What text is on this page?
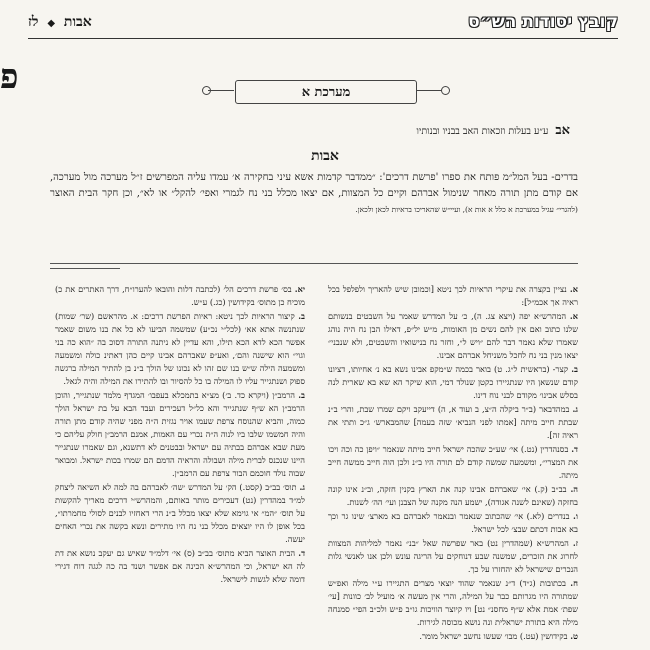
קובץ יסודות הש״ס
אבות ◆ לז
פ	מערכת א
אב ע״ע בעלות וזכאות האב בבניו ובנותיו
אבות
בדרים- בעל המל״מ פותח את ספרו 'פרשת דרכים': ״ממדבר קדמות אשא עיני בחקירה א׳ עמדו עליה המפרשים ז״ל מערכה מול מערכה, אם קודם מתן תורה מאחר שנימול אברהם וקיים כל המצוות, אם יצאו מכלל בני נח לגמרי ואפי׳ להקל״ או לא״, וכן חקר הבית האוצר (להגרי״ עגיל במערכת א כלל א אות א), ועיי״ש שהאריכו בראיות לכאן ולכאן.

א. נציין בקצרה את עיקרי הראיות לכך ניטא [וכמובן שיש להאריך ולפלפל בכל ראיה אך אכמ״ל]:

א. המהרש״א יפה (ויצא צג. ה), כ׳ על המדרש שאמר על השבטים בנשותם שלנו כתוב ואם אין להם נשים מן האומות, מ״ש יל״פ, דאילו הבן נח היה נוהג שאמרו שלא נאמר דבר להם ״ויש ל״, וחזר נח בנישואיו והשבטים, ולא שנבני״ יצאו מנין בני נח לחכל משניחל אברהם אבינו.

ב. קצר- (בראשית ל״ג. ט) בואר בכמה ש״מקפ אבינו נשא בא נ׳ אחיותו, דציונו קודם שנשאן היו שנתגיירו כקטן שנולד דמי, הוא שיקר הא שא בא שארית לנה בסלש אבינו׳ מקודם לבני נוח דינו.

ג. במהדבאר (ב״ר ביקלה ה״צ, ב ועוד א, ה) דייעקב ויקם שמרו שבת, והרי ב״נ שבתת חייב מיתה [אמתו לפני הנביא׳ שזה בעמה] שהמבארש׳ ג״כ ותתי את ראיה זה].

ד. בסנהדרין (נט.) אי׳ שע״כ שהכה ישראל חייב מיתה שנאמר ״ויפן כה וכה ויכו את המצרי״, ומשמעה שמשה קודם לם תורה היו ב״נ ולכן הוה חייב ממשה חייב מיתה.

ה. בב״ב (ק.) אי׳ שאברהם אבינו קנה את הארץ בקנין חזקה, וב״נ אינו קונה בחזקה (שאינם לשנה אגודה), ישמע הנה מקנה של הצבנן ועי׳ הה׳ לשנות.

ו. בנדרים (לא.) אי׳ שהכתוב שנאמר ובנאמר לאברהם בא מארצ׳ שינו גר וכך בא אבות דכתם שבצ׳ לכל ישראל.

ז. המהרש״א (שמהדרין נט) באר שפרשה שאל ״בנ״ נאמר למליהות המצוות לחרוג את הזכרים, שמשנה שבע דנוחקים על הריגה עונש ולכן אנו לאנשי גלות הנכרים שישראל לא יהחזרו על כך.

ח. בכתובות (ג״ד) ד״נ שנאמר שהוד יוצאי מצרים התגיירו ע״י מילה ואפ״ש שמתורה היו מגרותם כבר על המילה, והרי אין מעשה א׳ מועיל לב׳ כוונות [עי׳ שפת׳ אמת אלא ש״ף מחסנ״ נט] ויו קיוצר הוויכות גו״ב פ״ש ולכ״ב הפי״ סמנחה מילה היא בתורת ישראלית ונה נושא מכוסה לגירות.

ט. בקידושין (עט.) מבו׳ שעשו נחשב ישראל מומר.

יא. בס׳ פרשת דרכים הל׳ (לכתבה דלות והובאו להערו״ח, דרך האתרים את כ) מוכיח כן מתוס׳ בקידושין (כג.) ע״ש.

ב. קיצור הראיות לכך ניטא: ראיות הפרשת דרכים: א. מהראשם (שר׳ שמות) שנתנשה אתא אא׳ (לכל״י נכ״ע) שמשמה הביעו לא כל את בנו משום שאמר אפשר הכא לדא הכא תילו, והא עדיין לא ניתנה התורה דסוכ בה ״הוא כה בני וגוי״ הוא שישנה והם׳, ואע״פ שאברהם אבינו קיים כהן דאתינ כולה ומשמעה ומשמעה הילה ש״ש בנו שם זהו לא נכונו של הולך ב״נ בן להתיר המילה ברגשה ספוק ושנתגייר עליו לו המילה בו כל להסיור ובו להתירו את המילה והיה לגאל.

ב. הרמב״ן (ויקרא כד. ב׳) מצ״א בתמכלא בעפבו׳ המגדף מלמד שנתגייר, והוכן הרמב״ן הא ש״ף שנתגייר והא כל״ל דעכירים ועבד הבא על בת ישראל הולך כמוה, והביא שהנוסח צרפת שעמו אויר נגזית ה״ה מפני שהיה קודם מתן תורה והיה חמשמו שלבו ביו לנוה ה״ה נכרי עם האמות, אמנם הרמב״ן חולק עליהם כי מעת שבא אברהם בבתיה עם ישראל ובבטנים לא דתשנא, וגם שאמרו שנתגייר היינו שנכנס לברית מילה ושבולה והראיה הדמם הם שמרו בכות ישראל. ומבואר שבוה נולד חוכמם הבור צרפת עם הרמב״ן.

ג. תוס׳ בב״ב (קסט.) הק׳ על המדרש ׳שה׳ לאברהם בה למה לא השיאה ליצחק למ״ד במהדרין (נט) דעכירים מותר באותם, והמהרש״י דרכים מאריך להקשות על תוס׳ ״המ״ אי גוימא שלא יצאו מכלל ב״נ הרי דאחזיו לבנים לסולי מחמרתו״, בכל אופן לו היו יוצאים מכלל בני נח היו מתירים ונשא בקשה את נכרי האחים יעשה.

ד. הבית האוצר הביא מתוס׳ בב״ב (ס) אי׳ דלמ״ד שאיש גם יעקב נושא את דת לה הא ישראל, וכי המהרש״א הכינה אם אפשר ושנד בה כה לגגה דוח דגירי דומה שלא לגשות לישראל.
